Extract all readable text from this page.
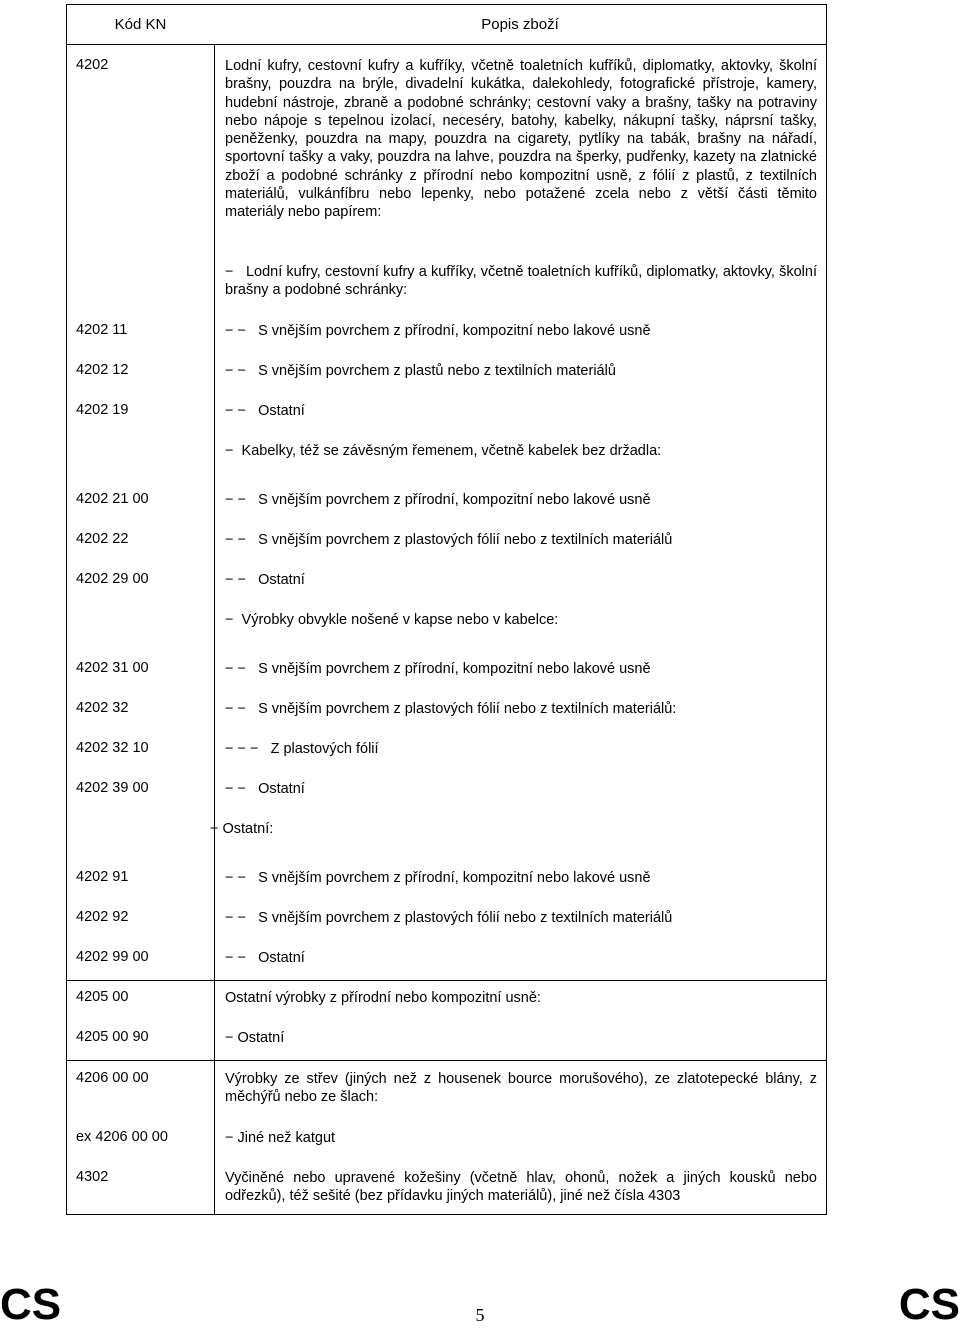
Kód KN	Popis zboží
4202	Lodní kufry, cestovní kufry a kufříky, včetně toaletních kufříků, diplomatky, aktovky, školní brašny, pouzdra na brýle, divadelní kukátka, dalekohledy, fotografické přístroje, kamery, hudební nástroje, zbraně a podobné schránky; cestovní vaky a brašny, tašky na potraviny nebo nápoje s tepelnou izolací, neceséry, batohy, kabelky, nákupní tašky, náprsní tašky, peněženky, pouzdra na mapy, pouzdra na cigarety, pytlíky na tabák, brašny na nářadí, sportovní tašky a vaky, pouzdra na lahve, pouzdra na šperky, pudřenky, kazety na zlatnické zboží a podobné schránky z přírodní nebo kompozitní usně, z fólií z plastů, z textilních materiálů, vulkánfíbru nebo lepenky, nebo potažené zcela nebo z větší části těmito materiály nebo papírem:
− Lodní kufry, cestovní kufry a kufříky, včetně toaletních kufříků, diplomatky, aktovky, školní brašny a podobné schránky:
4202 11	− − S vnějším povrchem z přírodní, kompozitní nebo lakové usně
4202 12	− − S vnějším povrchem z plastů nebo z textilních materiálů
4202 19	− − Ostatní
− Kabelky, též se závěsným řemenem, včetně kabelek bez držadla:
4202 21 00	− − S vnějším povrchem z přírodní, kompozitní nebo lakové usně
4202 22	− − S vnějším povrchem z plastových fólií nebo z textilních materiálů
4202 29 00	− − Ostatní
− Výrobky obvykle nošené v kapse nebo v kabelce:
4202 31 00	− − S vnějším povrchem z přírodní, kompozitní nebo lakové usně
4202 32	− − S vnějším povrchem z plastových fólií nebo z textilních materiálů:
4202 32 10	− − − Z plastových fólií
4202 39 00	− − Ostatní
− Ostatní:
4202 91	− − S vnějším povrchem z přírodní, kompozitní nebo lakové usně
4202 92	− − S vnějším povrchem z plastových fólií nebo z textilních materiálů
4202 99 00	− − Ostatní
4205 00	Ostatní výrobky z přírodní nebo kompozitní usně:
4205 00 90	− Ostatní
4206 00 00	Výrobky ze střev (jiných než z housenek bource morušového), ze zlatotepecké blány, z měchýřů nebo ze šlach:
ex 4206 00 00	− Jiné než katgut
4302	Vyčiněné nebo upravené kožešiny (včetně hlav, ohonů, nožek a jiných kousků nebo odřezků), též sešité (bez přídavku jiných materiálů), jiné než čísla 4303
CS	5	CS
